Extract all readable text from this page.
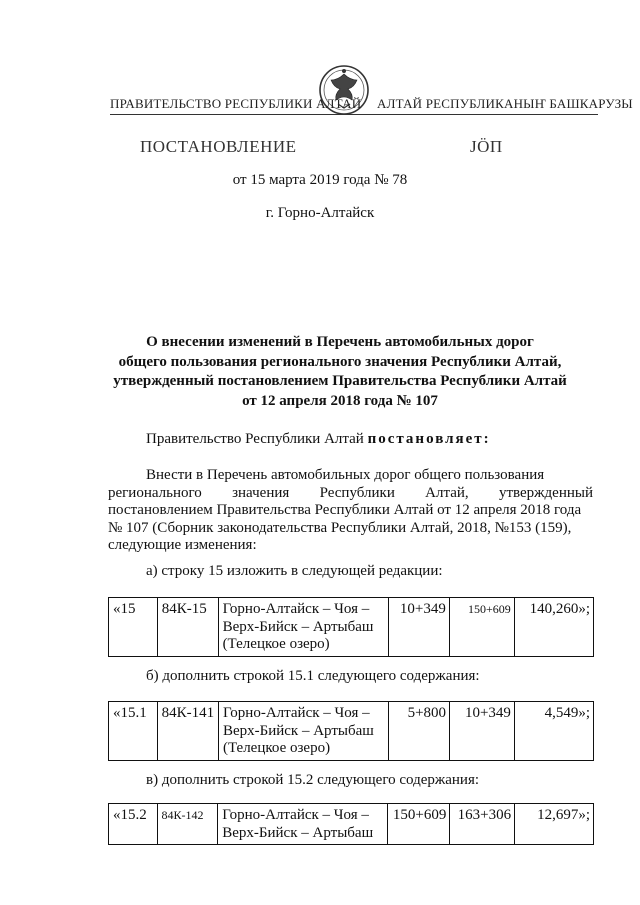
ПРАВИТЕЛЬСТВО РЕСПУБЛИКИ АЛТАЙ АЛТАЙ РЕСПУБЛИКАНЫҤ БАШКАРУЗЫ
ПОСТАНОВЛЕНИЕ	ЈӦП
от 15 марта 2019 года № 78
г. Горно-Алтайск
О внесении изменений в Перечень автомобильных дорог
общего пользования регионального значения Республики Алтай,
утвержденный постановлением Правительства Республики Алтай
от 12 апреля 2018 года № 107
Правительство Республики Алтай постановляет:
Внести в Перечень автомобильных дорог общего пользования
регионального значения Республики Алтай, утвержденный
постановлением Правительства Республики Алтай от 12 апреля 2018 года
№ 107 (Сборник законодательства Республики Алтай, 2018, №153 (159),
следующие изменения:
а) строку 15 изложить в следующей редакции:
«15	84К-15	Горно-Алтайск – Чоя –
Верх-Бийск – Артыбаш
(Телецкое озеро)
	10+349	150+609	140,260»;
б) дополнить строкой 15.1 следующего содержания:
«15.1	84К-141	Горно-Алтайск – Чоя –
Верх-Бийск – Артыбаш
(Телецкое озеро)
	5+800	10+349	4,549»;
в) дополнить строкой 15.2 следующего содержания:
«15.2	84К-142	Горно-Алтайск – Чоя –
Верх-Бийск – Артыбаш
	150+609	163+306	12,697»;
